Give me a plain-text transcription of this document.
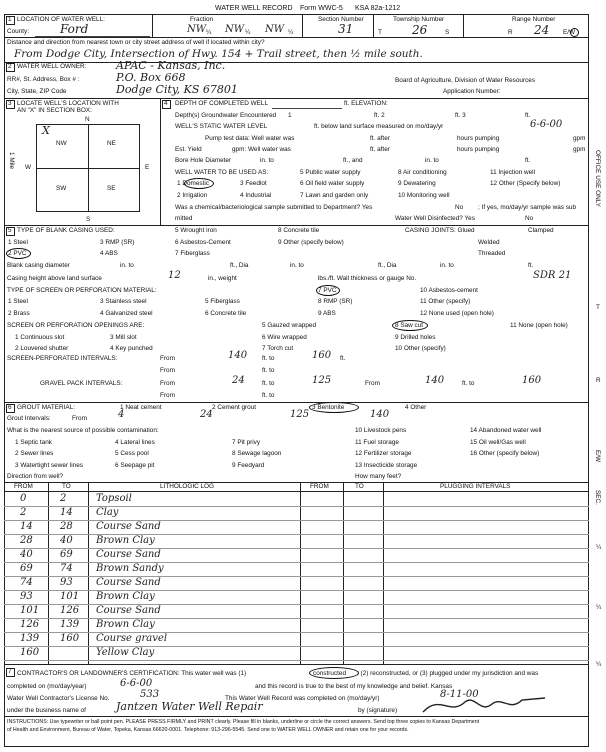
WATER WELL RECORD Form WWC-5 KSA 82a-1212
1 LOCATION OF WATER WELL:
County:	Ford
Fraction
NW ¼ NW ¼ NW ¼
Section Number
31
Township Number
T	26	S
Range Number
R 24 E/W
Distance and direction from nearest town or city street address of well if located within city?
From Dodge City, Intersection of Hwy. 154 + Trail street, then ½ mile south.
2 WATER WELL OWNER:	APAC - Kansas, Inc.
RR#, St. Address, Box # :	P.O. Box 668	Board of Agriculture, Division of Water Resources
City, State, ZIP Code	Dodge City, KS 67801	Application Number:
3 LOCATE WELL'S LOCATION WITH
AN "X" IN SECTION BOX:
N
S
W	E
1 Mile
NW	NE
SW	SE
X
4 DEPTH OF COMPLETED WELL	ft. ELEVATION:
Depth(s) Groundwater Encountered 1	ft. 2	ft. 3	ft.
WELL'S STATIC WATER LEVEL	ft. below land surface measured on mo/day/yr	6-6-00
Pump test data: Well water was	ft. after	hours pumping	gpm
Est. Yield	gpm: Well water was	ft. after	hours pumping	gpm
Bore Hole Diameter	in. to	ft., and	in. to	ft.
WELL WATER TO BE USED AS:
1 Domestic
2 Irrigation
3 Feedlot
4 Industrial
5 Public water supply
6 Oil field water supply
7 Lawn and garden only
8 Air conditioning
9 Dewatering
10 Monitoring well
11 Injection well
12 Other (Specify below)
Was a chemical/bacteriological sample submitted to Department? Yes	No ; If yes, mo/day/yr sample was sub
mitted	Water Well Disinfected? Yes	No
5 TYPE OF BLANK CASING USED:
1 Steel
2 PVC
3 RMP (SR)
4 ABS
5 Wrought iron
6 Asbestos-Cement
7 Fiberglass
8 Concrete tile
9 Other (specify below)
CASING JOINTS: Glued	Clamped
Welded
Threaded
Blank casing diameter	in. to	ft., Dia	in. to	ft., Dia	in. to	ft.
Casing height above land surface	12	in., weight	lbs./ft. Wall thickness or gauge No.	SDR 21
TYPE OF SCREEN OR PERFORATION MATERIAL:
1 Steel
2 Brass
3 Stainless steel
4 Galvanized steel
5 Fiberglass
6 Concrete tile
7 PVC
8 RMP (SR)
9 ABS
10 Asbestos-cement
11 Other (specify)
12 None used (open hole)
SCREEN OR PERFORATION OPENINGS ARE:
1 Continuous slot
2 Louvered shutter
3 Mill slot
4 Key punched
5 Gauzed wrapped
6 Wire wrapped
7 Torch cut
8 Saw cut
9 Drilled holes
10 Other (specify)
11 None (open hole)
SCREEN-PERFORATED INTERVALS:	From	140 ft. to	160 ft.
From	ft. to
GRAVEL PACK INTERVALS:	From	24	ft. to	125	From	140	ft. to	160
From	ft. to
6 GROUT MATERIAL:	1 Neat cement	2 Cement grout	3 Bentonite	4 Other
Grout Intervals:	From	4	24	125	140
What is the nearest source of possible contamination:
1 Septic tank
2 Sewer lines
3 Watertight sewer lines
4 Lateral lines
5 Cess pool
6 Seepage pit
7 Pit privy
8 Sewage lagoon
9 Feedyard
10 Livestock pens
11 Fuel storage
12 Fertilizer storage
13 Insecticide storage
14 Abandoned water well
15 Oil well/Gas well
16 Other (specify below)
Direction from well?	How many feet?
FROM	TO	LITHOLOGIC LOG	FROM	TO	PLUGGING INTERVALS
0	2	Topsoil
2	14 Clay
14	28 Course Sand
28	40 Brown Clay
40	69 Course Sand
69	74 Brown Sandy
74	93 Course Sand
93	101 Brown Clay
101 126 Course Sand
126 139 Brown Clay
139 160 Course gravel
160	Yellow Clay
7 CONTRACTOR'S OR LANDOWNER'S CERTIFICATION: This water well was (1)	constructed , (2) reconstructed, or (3) plugged under my jurisdiction and was
completed on (mo/day/year)	6-6-00	and this record is true to the best of my knowledge and belief. Kansas
Water Well Contractor's License No.	533	This Water Well Record was completed on (mo/day/yr)	8-11-00
under the business name of	Jantzen Water Well Repair	by (signature)
INSTRUCTIONS: Use typewriter or ball point pen. PLEASE PRESS FIRMLY and PRINT clearly. Please fill in blanks, underline or circle the correct answers. Send top three copies to Kansas Department
of Health and Environment, Bureau of Water, Topeka, Kansas 66620-0001. Telephone: 913-296-5545. Send one to WATER WELL OWNER and retain one for your records.
OFFICE USE ONLY
T
R
E/W
SEC.
¼
¼
¼
